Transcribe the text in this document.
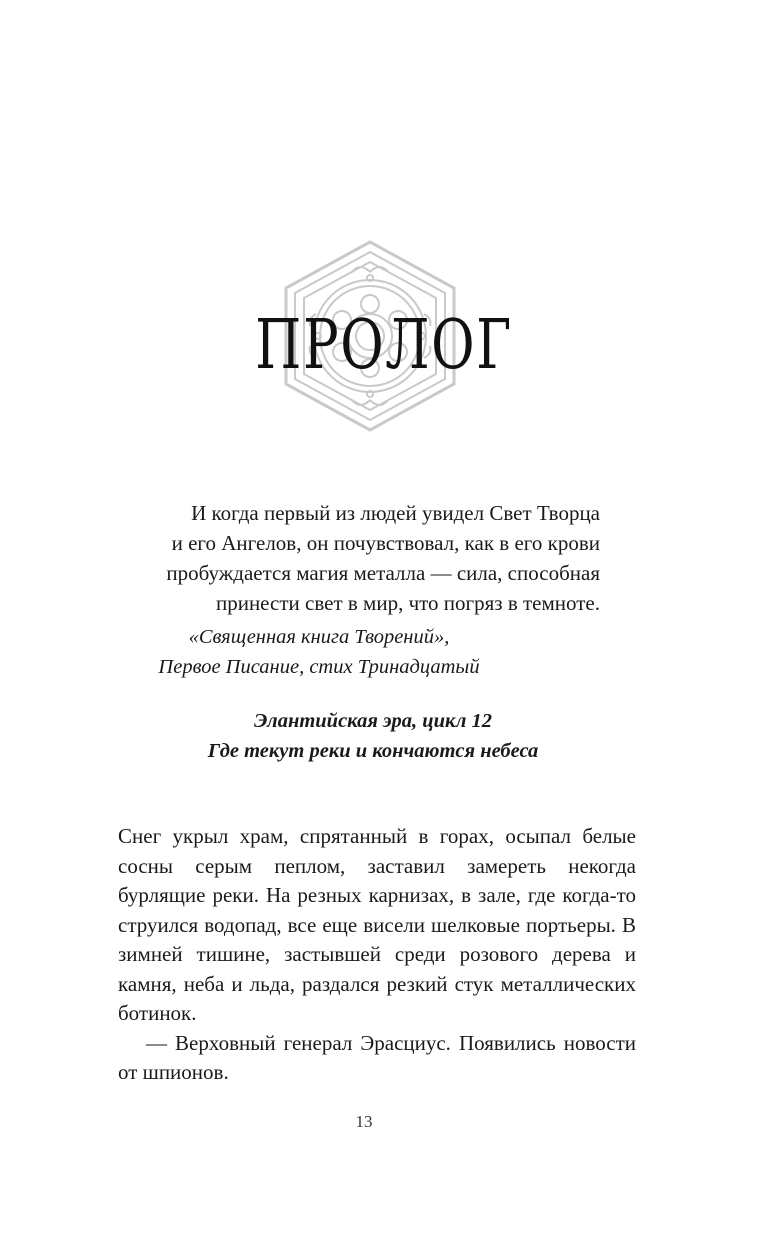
ПРОЛОГ

И когда первый из людей увидел Свет Творца

и его Ангелов, он почувствовал, как в его крови

пробуждается магия металла — сила, способная

принести свет в мир, что погряз в темноте.

«Священная книга Творений»,

Первое Писание, стих Тринадцатый

Элантийская эра, цикл 12

Где текут реки и кончаются небеса

Снег укрыл храм, спрятанный в горах, осыпал белые сосны серым пеплом, заставил замереть некогда бурлящие реки. На резных карнизах, в зале, где когда-то струился водопад, все еще висели шелковые портьеры. В зимней тишине, застывшей среди розового дерева и камня, неба и льда, раздался резкий стук металлических ботинок.

— Верховный генерал Эрасциус. Появились новости от шпионов.

13
